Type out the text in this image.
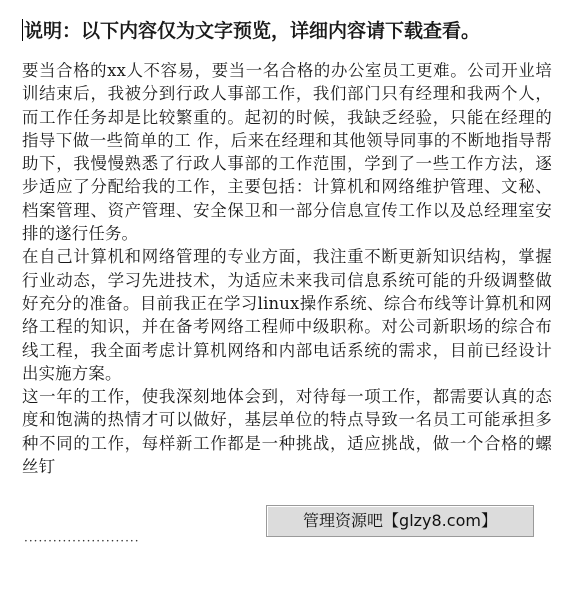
说明：以下内容仅为文字预览，详细内容请下载查看。

要当合格的xx人不容易，要当一名合格的办公室员工更难。公司开业培训结束后，我被分到行政人事部工作，我们部门只有经理和我两个人，而工作任务却是比较繁重的。起初的时候，我缺乏经验，只能在经理的指导下做一些简单的工 作，后来在经理和其他领导同事的不断地指导帮助下，我慢慢熟悉了行政人事部的工作范围，学到了一些工作方法，逐步适应了分配给我的工作，主要包括：计算机和网络维护管理、文秘、档案管理、资产管理、安全保卫和一部分信息宣传工作以及总经理室安排的遂行任务。

在自己计算机和网络管理的专业方面，我注重不断更新知识结构，掌握行业动态，学习先进技术，为适应未来我司信息系统可能的升级调整做好充分的准备。目前我正在学习linux操作系统、综合布线等计算机和网络工程的知识，并在备考网络工程师中级职称。对公司新职场的综合布线工程，我全面考虑计算机网络和内部电话系统的需求，目前已经设计出实施方案。

这一年的工作，使我深刻地体会到，对待每一项工作，都需要认真的态度和饱满的热情才可以做好，基层单位的特点导致一名员工可能承担多种不同的工作，每样新工作都是一种挑战，适应挑战，做一个合格的螺丝钉

························
管理资源吧【glzy8.com】
